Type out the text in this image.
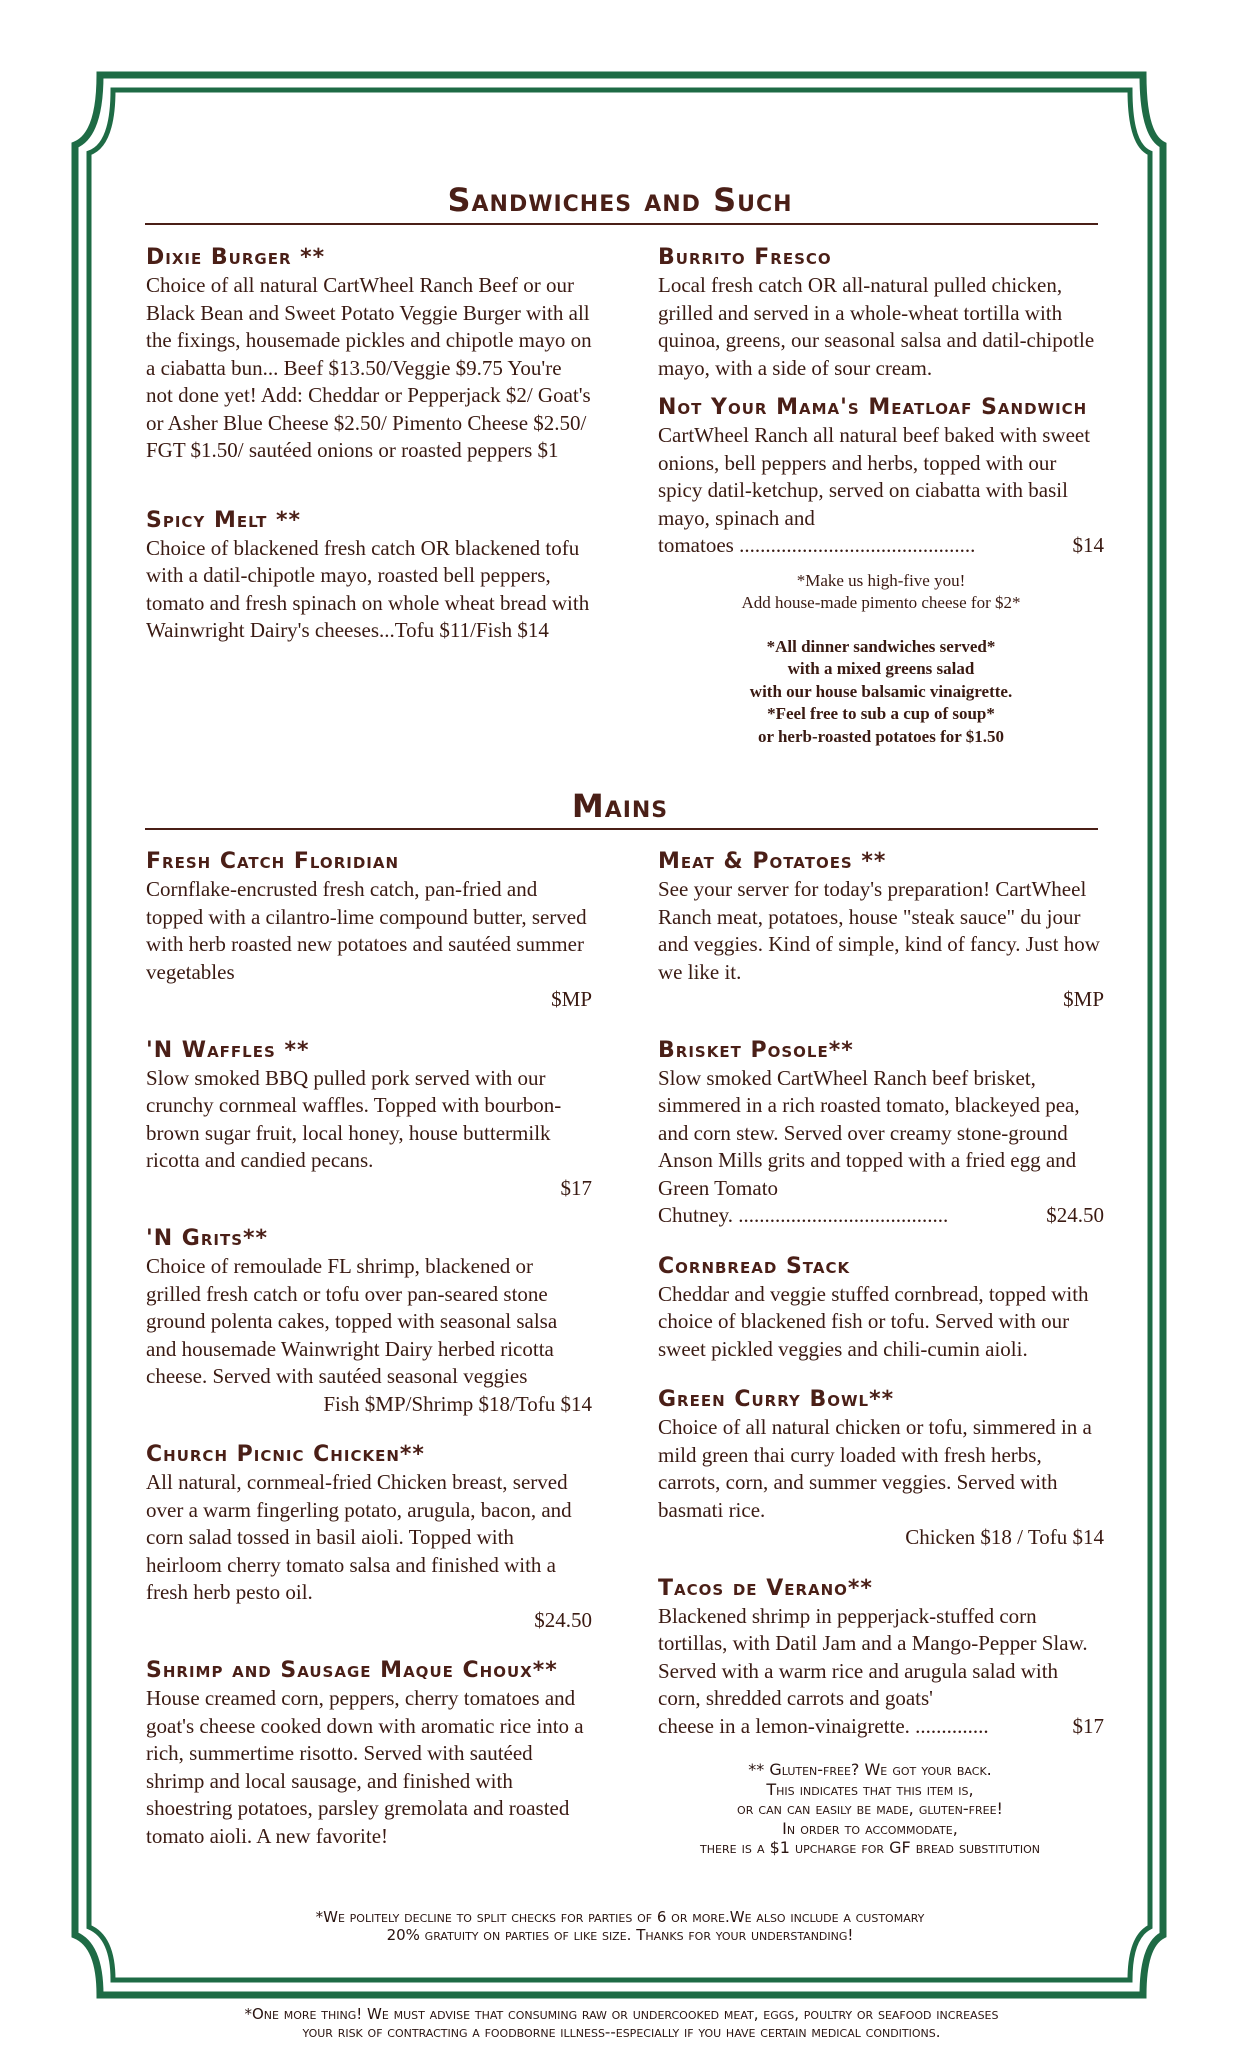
Sandwiches and Such
Dixie Burger **

Choice of all natural CartWheel Ranch Beef or our Black Bean and Sweet Potato Veggie Burger with all the fixings, housemade pickles and chipotle mayo on a ciabatta bun... Beef $13.50/Veggie $9.75 You're not done yet! Add: Cheddar or Pepperjack $2/ Goat's or Asher Blue Cheese $2.50/ Pimento Cheese $2.50/ FGT $1.50/ sautéed onions or roasted peppers $1

Spicy Melt **

Choice of blackened fresh catch OR blackened tofu with a datil-chipotle mayo, roasted bell peppers, tomato and fresh spinach on whole wheat bread with Wainwright Dairy's cheeses...Tofu $11/Fish $14

Burrito Fresco

Local fresh catch OR all-natural pulled chicken, grilled and served in a whole-wheat tortilla with quinoa, greens, our seasonal salsa and datil-chipotle mayo, with a side of sour cream.

Not Your Mama's Meatloaf Sandwich

CartWheel Ranch all natural beef baked with sweet onions, bell peppers and herbs, topped with our spicy datil-ketchup, served on ciabatta with basil mayo, spinach and

tomatoes .............................................	$14
*Make us high-five you!
Add house-made pimento cheese for $2*
*All dinner sandwiches served*
with a mixed greens salad
with our house balsamic vinaigrette.
*Feel free to sub a cup of soup*
or herb-roasted potatoes for $1.50
Mains
Fresh Catch Floridian

Cornflake-encrusted fresh catch, pan-fried and topped with a cilantro-lime compound butter, served with herb roasted new potatoes and sautéed summer vegetables

$MP

'N Waffles **

Slow smoked BBQ pulled pork served with our crunchy cornmeal waffles. Topped with bourbon-brown sugar fruit, local honey, house buttermilk ricotta and candied pecans.

$17

'N Grits**

Choice of remoulade FL shrimp, blackened or grilled fresh catch or tofu over pan-seared stone ground polenta cakes, topped with seasonal salsa and housemade Wainwright Dairy herbed ricotta cheese. Served with sautéed seasonal veggies

Fish $MP/Shrimp $18/Tofu $14

Church Picnic Chicken**

All natural, cornmeal-fried Chicken breast, served over a warm fingerling potato, arugula, bacon, and corn salad tossed in basil aioli. Topped with heirloom cherry tomato salsa and finished with a fresh herb pesto oil.

$24.50

Shrimp and Sausage Maque Choux**

House creamed corn, peppers, cherry tomatoes and goat's cheese cooked down with aromatic rice into a rich, summertime risotto. Served with sautéed shrimp and local sausage, and finished with shoestring potatoes, parsley gremolata and roasted tomato aioli. A new favorite!

Meat & Potatoes **

See your server for today's preparation! CartWheel Ranch meat, potatoes, house "steak sauce" du jour and veggies. Kind of simple, kind of fancy. Just how we like it.

$MP

Brisket Posole**

Slow smoked CartWheel Ranch beef brisket, simmered in a rich roasted tomato, blackeyed pea, and corn stew. Served over creamy stone-ground Anson Mills grits and topped with a fried egg and Green Tomato

Chutney. ........................................	$24.50
Cornbread Stack

Cheddar and veggie stuffed cornbread, topped with choice of blackened fish or tofu. Served with our sweet pickled veggies and chili-cumin aioli.

Green Curry Bowl**

Choice of all natural chicken or tofu, simmered in a mild green thai curry loaded with fresh herbs, carrots, corn, and summer veggies. Served with basmati rice.

Chicken $18 / Tofu $14

Tacos de Verano**

Blackened shrimp in pepperjack-stuffed corn tortillas, with Datil Jam and a Mango-Pepper Slaw. Served with a warm rice and arugula salad with corn, shredded carrots and goats'

cheese in a lemon-vinaigrette. ..............	$17
** Gluten-free? We got your back.
This indicates that this item is,
or can can easily be made, gluten-free!
In order to accommodate,
there is a $1 upcharge for GF bread substitution
*We politely decline to split checks for parties of 6 or more.We also include a customary
20% gratuity on parties of like size. Thanks for your understanding!
*One more thing! We must advise that consuming raw or undercooked meat, eggs, poultry or seafood increases
your risk of contracting a foodborne illness--especially if you have certain medical conditions.
